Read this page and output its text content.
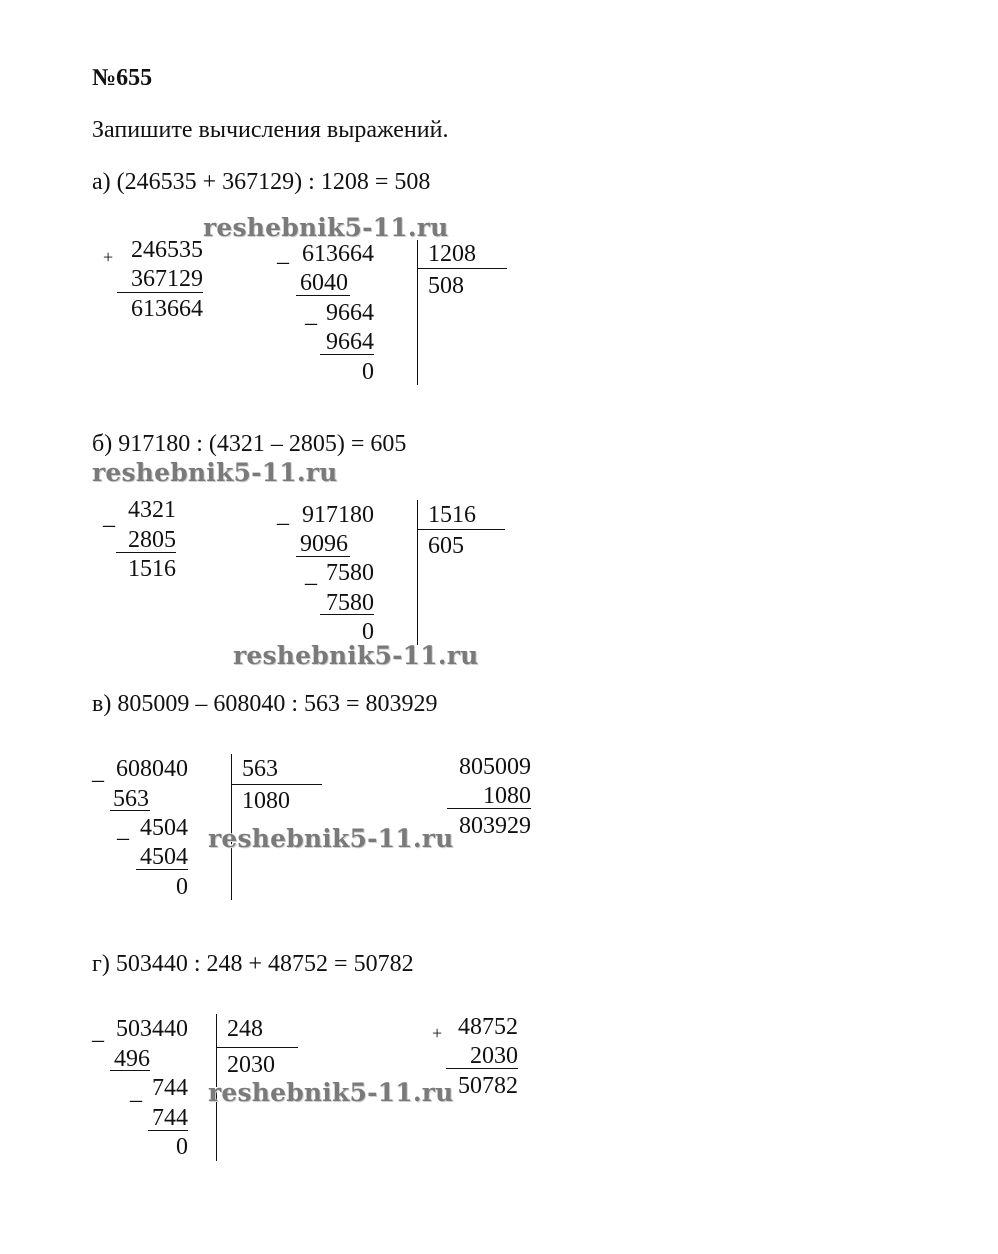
№655
Запишите вычисления выражений.
а) (246535 + 367129) : 1208 = 508
reshebnik5-11.ru
+ 246535
367129
613664
_ 613664
6040
_ 9664
9664
0
1208
508
б) 917180 : (4321 – 2805) = 605
reshebnik5-11.ru
_ 4321
2805
1516
_ 917180
9096
_ 7580
7580
0
1516
605
reshebnik5-11.ru
в) 805009 – 608040 : 563 = 803929
_ 608040
563
_ 4504
4504
0
563
1080
805009
1080
803929
reshebnik5-11.ru
г) 503440 : 248 + 48752 = 50782
_ 503440
496
_ 744
744
0
248
2030
+ 48752
2030
50782
reshebnik5-11.ru
